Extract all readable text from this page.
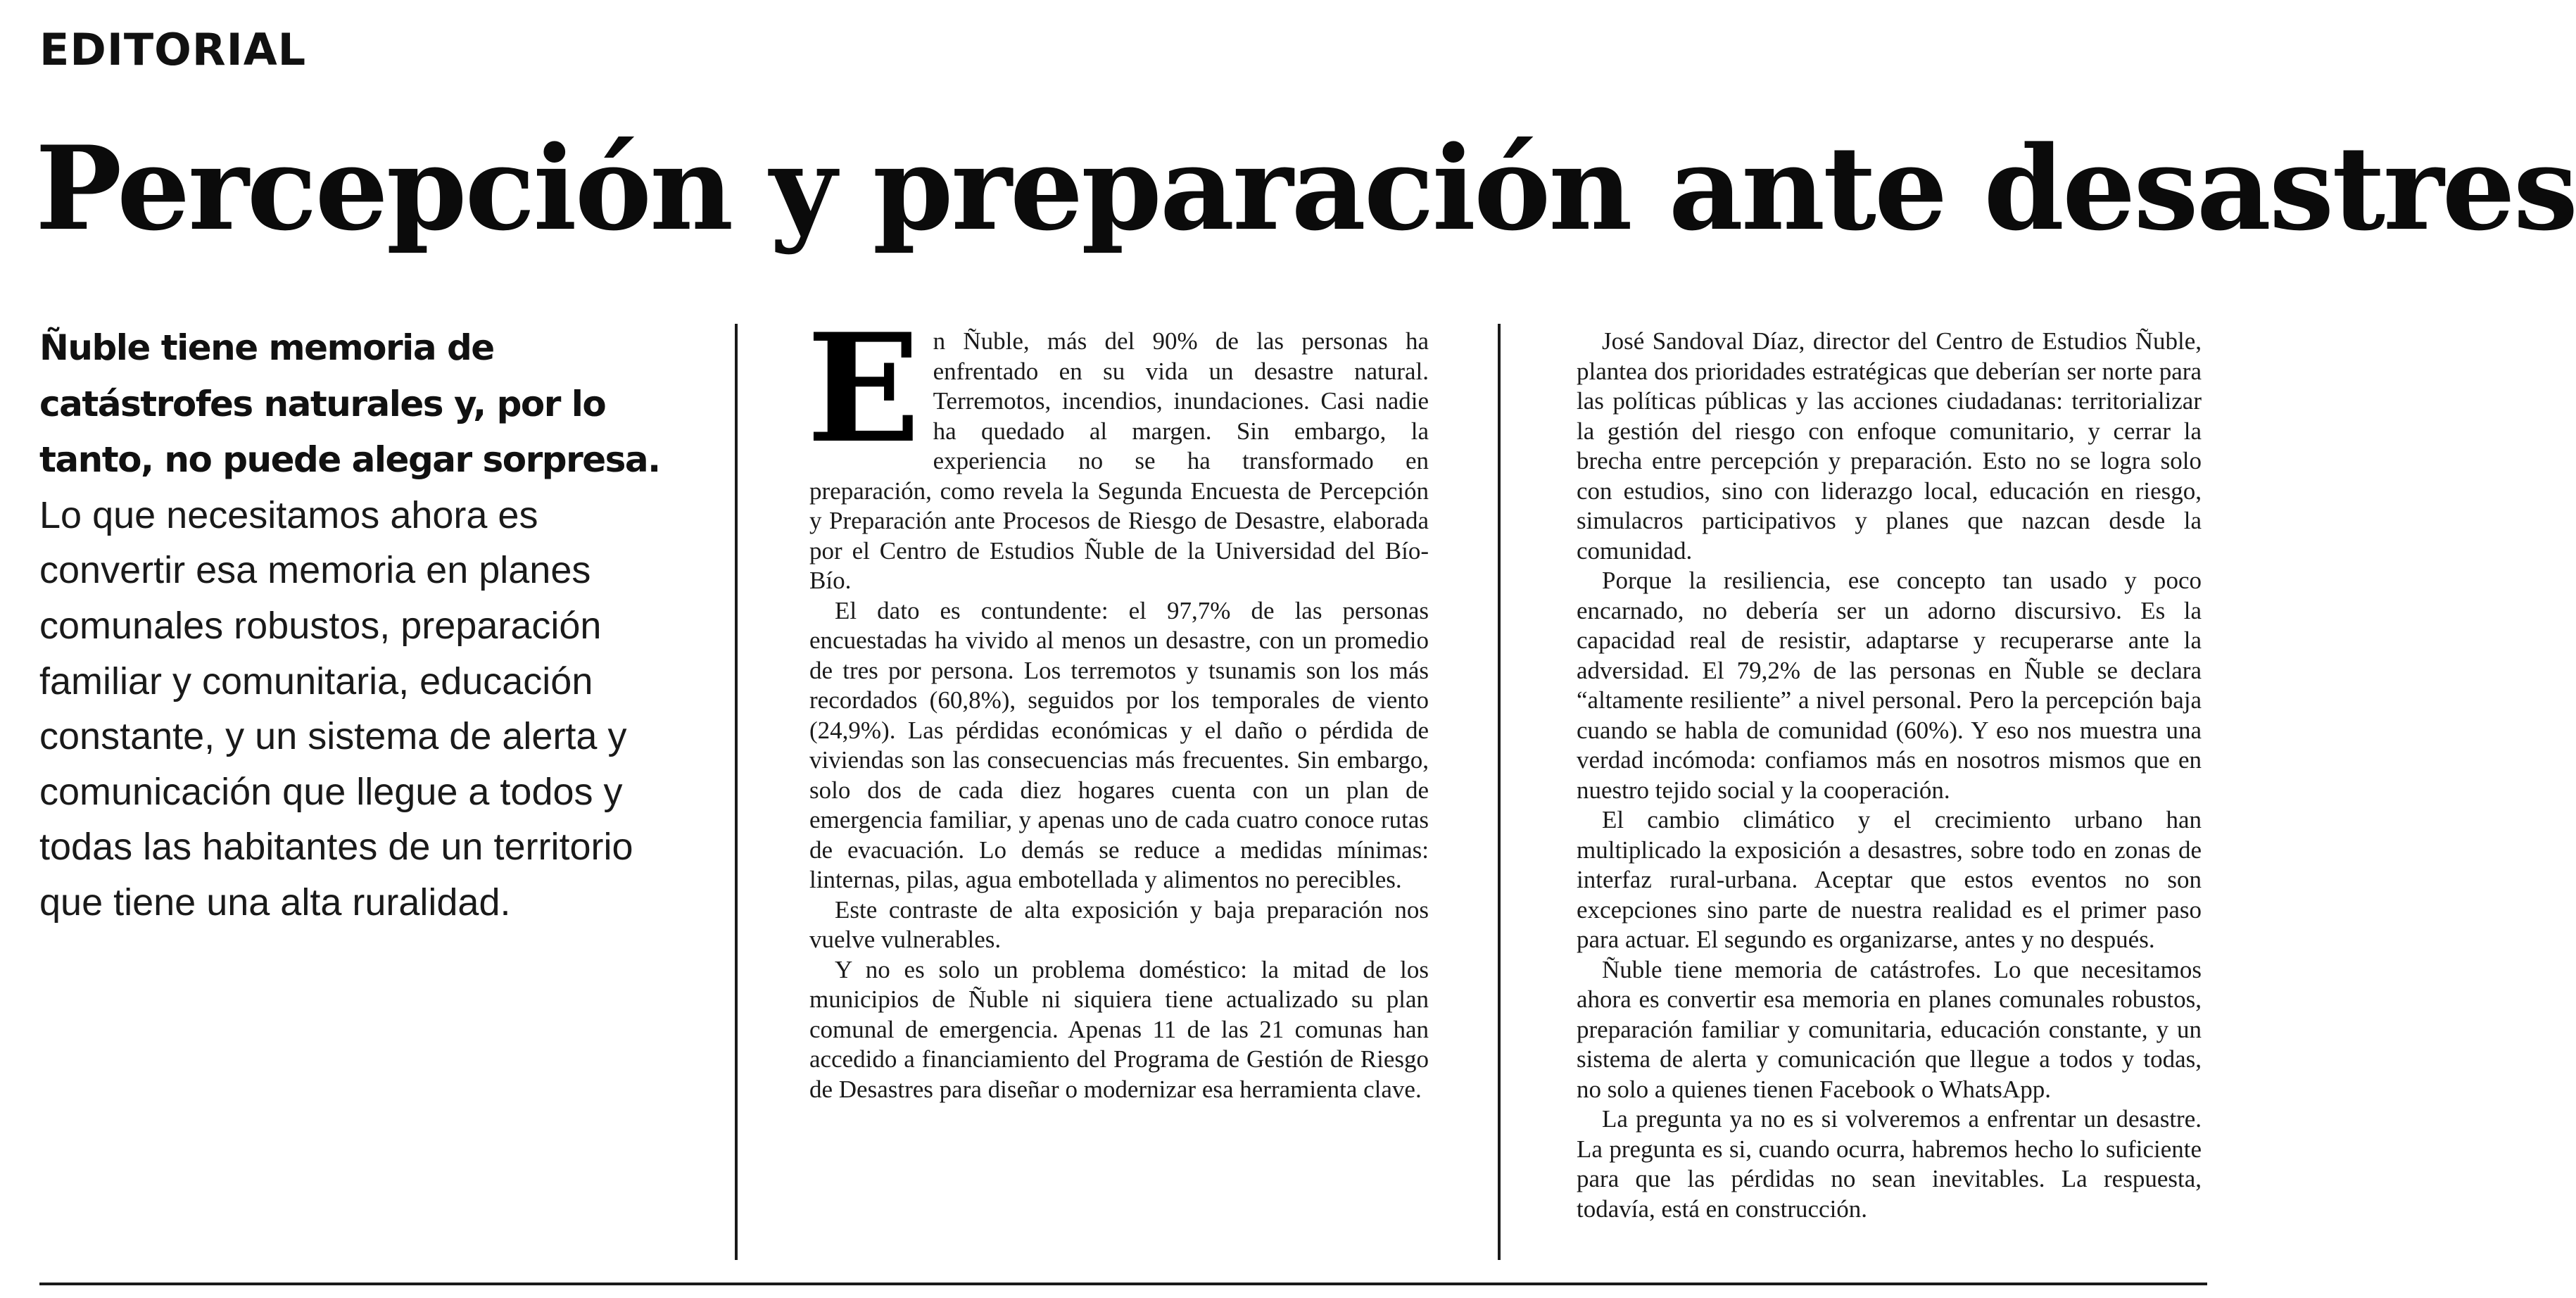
EDITORIAL
Percepción y preparación ante desastres

Ñuble tiene memoria de catástrofes naturales y, por lo tanto, no puede alegar sorpresa. Lo que necesitamos ahora es convertir esa memoria en planes comunales robustos, preparación familiar y comunitaria, educación constante, y un sistema de alerta y comunicación que llegue a todos y todas las habitantes de un territorio que tiene una alta ruralidad.

E n Ñuble, más del 90% de las personas ha enfrentado en su vida un desastre natural. Terremotos, incendios, inundaciones. Casi nadie ha quedado al margen. Sin embargo, la experiencia no se ha transformado en preparación, como revela la Segunda Encuesta de Percepción y Preparación ante Procesos de Riesgo de Desastre, elaborada por el Centro de Estudios Ñuble de la Universidad del Bío-Bío.

El dato es contundente: el 97,7% de las personas encuestadas ha vivido al menos un desastre, con un promedio de tres por persona. Los terremotos y tsunamis son los más recordados (60,8%), seguidos por los temporales de viento (24,9%). Las pérdidas económicas y el daño o pérdida de viviendas son las consecuencias más frecuentes. Sin embargo, solo dos de cada diez hogares cuenta con un plan de emergencia familiar, y apenas uno de cada cuatro conoce rutas de evacuación. Lo demás se reduce a medidas mínimas: linternas, pilas, agua embotellada y alimentos no perecibles.

Este contraste de alta exposición y baja preparación nos vuelve vulnerables.

Y no es solo un problema doméstico: la mitad de los municipios de Ñuble ni siquiera tiene actualizado su plan comunal de emergencia. Apenas 11 de las 21 comunas han accedido a financiamiento del Programa de Gestión de Riesgo de Desastres para diseñar o modernizar esa herramienta clave.

José Sandoval Díaz, director del Centro de Estudios Ñuble, plantea dos prioridades estratégicas que deberían ser norte para las políticas públicas y las acciones ciudadanas: territorializar la gestión del riesgo con enfoque comunitario, y cerrar la brecha entre percepción y preparación. Esto no se logra solo con estudios, sino con liderazgo local, educación en riesgo, simulacros participativos y planes que nazcan desde la comunidad.

Porque la resiliencia, ese concepto tan usado y poco encarnado, no debería ser un adorno discursivo. Es la capacidad real de resistir, adaptarse y recuperarse ante la adversidad. El 79,2% de las personas en Ñuble se declara “altamente resiliente” a nivel personal. Pero la percepción baja cuando se habla de comunidad (60%). Y eso nos muestra una verdad incómoda: confiamos más en nosotros mismos que en nuestro tejido social y la cooperación.

El cambio climático y el crecimiento urbano han multiplicado la exposición a desastres, sobre todo en zonas de interfaz rural-urbana. Aceptar que estos eventos no son excepciones sino parte de nuestra realidad es el primer paso para actuar. El segundo es organizarse, antes y no después.

Ñuble tiene memoria de catástrofes. Lo que necesitamos ahora es convertir esa memoria en planes comunales robustos, preparación familiar y comunitaria, educación constante, y un sistema de alerta y comunicación que llegue a todos y todas, no solo a quienes tienen Facebook o WhatsApp.

La pregunta ya no es si volveremos a enfrentar un desastre. La pregunta es si, cuando ocurra, habremos hecho lo suficiente para que las pérdidas no sean inevitables. La respuesta, todavía, está en construcción.
